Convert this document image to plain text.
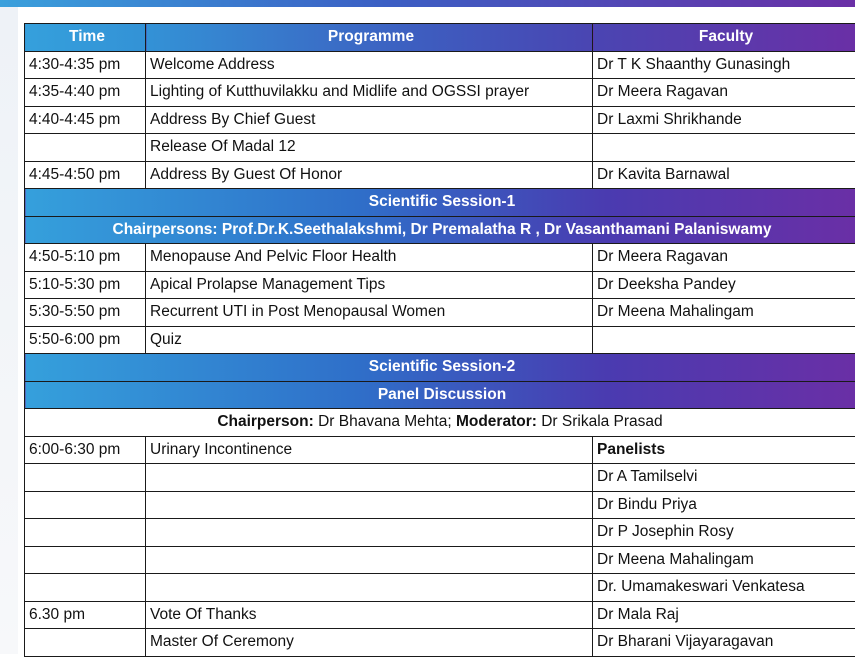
Time	Programme	Faculty
4:30-4:35 pm	Welcome Address	Dr T K Shaanthy Gunasingh
4:35-4:40 pm	Lighting of Kutthuvilakku and Midlife and OGSSI prayer	Dr Meera Ragavan
4:40-4:45 pm	Address By Chief Guest	Dr Laxmi Shrikhande
	Release Of Madal 12	
4:45-4:50 pm	Address By Guest Of Honor	Dr Kavita Barnawal
Scientific Session-1		
Chairpersons: Prof.Dr.K.Seethalakshmi, Dr Premalatha R , Dr Vasanthamani Palaniswamy		
4:50-5:10 pm	Menopause And Pelvic Floor Health	Dr Meera Ragavan
5:10-5:30 pm	Apical Prolapse Management Tips	Dr Deeksha Pandey
5:30-5:50 pm	Recurrent UTI in Post Menopausal Women	Dr Meena Mahalingam
5:50-6:00 pm	Quiz	
Scientific Session-2		
Panel Discussion		
Chairperson: Dr Bhavana Mehta; Moderator: Dr Srikala Prasad		
6:00-6:30 pm	Urinary Incontinence	Panelists
		Dr A Tamilselvi
		Dr Bindu Priya
		Dr P Josephin Rosy
		Dr Meena Mahalingam
		Dr. Umamakeswari Venkatesa
6.30 pm	Vote Of Thanks	Dr Mala Raj
	Master Of Ceremony	Dr Bharani Vijayaragavan
